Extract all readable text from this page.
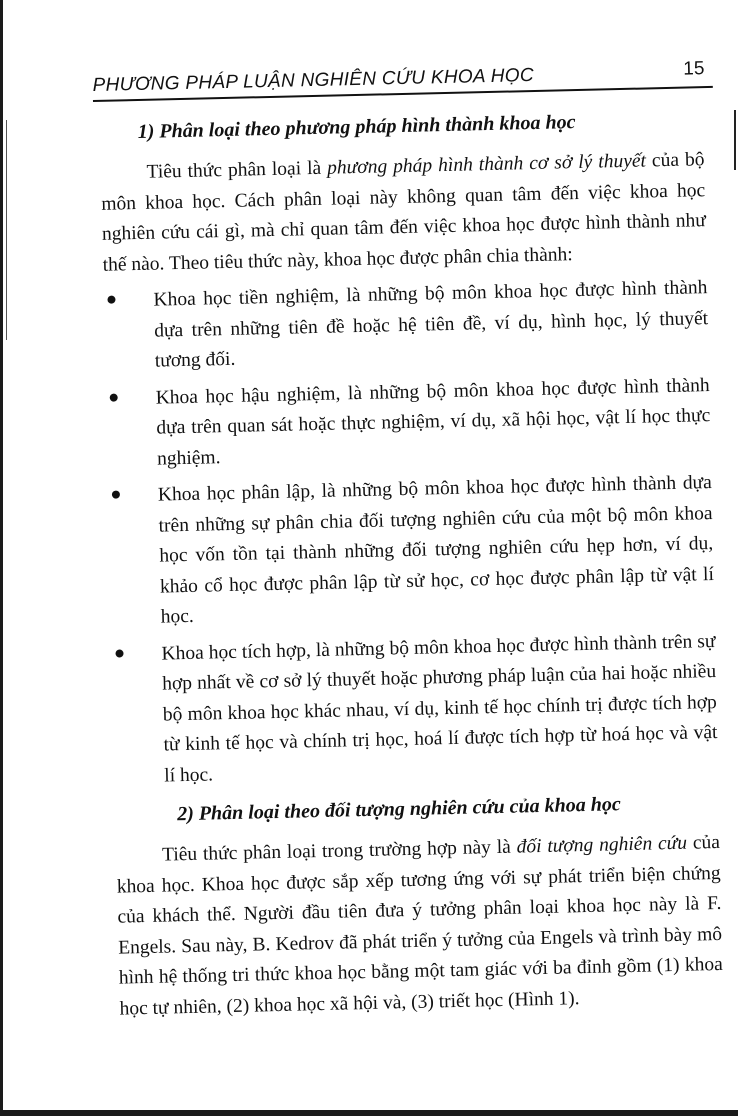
PHƯƠNG PHÁP LUẬN NGHIÊN CỨU KHOA HỌC	15
1) Phân loại theo phương pháp hình thành khoa học

Tiêu thức phân loại là phương pháp hình thành cơ sở lý thuyết của bộ môn khoa học. Cách phân loại này không quan tâm đến việc khoa học nghiên cứu cái gì, mà chỉ quan tâm đến việc khoa học được hình thành như thế nào. Theo tiêu thức này, khoa học được phân chia thành:

Khoa học tiền nghiệm, là những bộ môn khoa học được hình thành dựa trên những tiên đề hoặc hệ tiên đề, ví dụ, hình học, lý thuyết tương đối.
Khoa học hậu nghiệm, là những bộ môn khoa học được hình thành dựa trên quan sát hoặc thực nghiệm, ví dụ, xã hội học, vật lí học thực nghiệm.
Khoa học phân lập, là những bộ môn khoa học được hình thành dựa trên những sự phân chia đối tượng nghiên cứu của một bộ môn khoa học vốn tồn tại thành những đối tượng nghiên cứu hẹp hơn, ví dụ, khảo cổ học được phân lập từ sử học, cơ học được phân lập từ vật lí học.
Khoa học tích hợp, là những bộ môn khoa học được hình thành trên sự hợp nhất về cơ sở lý thuyết hoặc phương pháp luận của hai hoặc nhiều bộ môn khoa học khác nhau, ví dụ, kinh tế học chính trị được tích hợp từ kinh tế học và chính trị học, hoá lí được tích hợp từ hoá học và vật lí học.
2) Phân loại theo đối tượng nghiên cứu của khoa học

Tiêu thức phân loại trong trường hợp này là đối tượng nghiên cứu của khoa học. Khoa học được sắp xếp tương ứng với sự phát triển biện chứng của khách thể. Người đầu tiên đưa ý tưởng phân loại khoa học này là F. Engels. Sau này, B. Kedrov đã phát triển ý tưởng của Engels và trình bày mô hình hệ thống tri thức khoa học bằng một tam giác với ba đỉnh gồm (1) khoa học tự nhiên, (2) khoa học xã hội và, (3) triết học (Hình 1).
